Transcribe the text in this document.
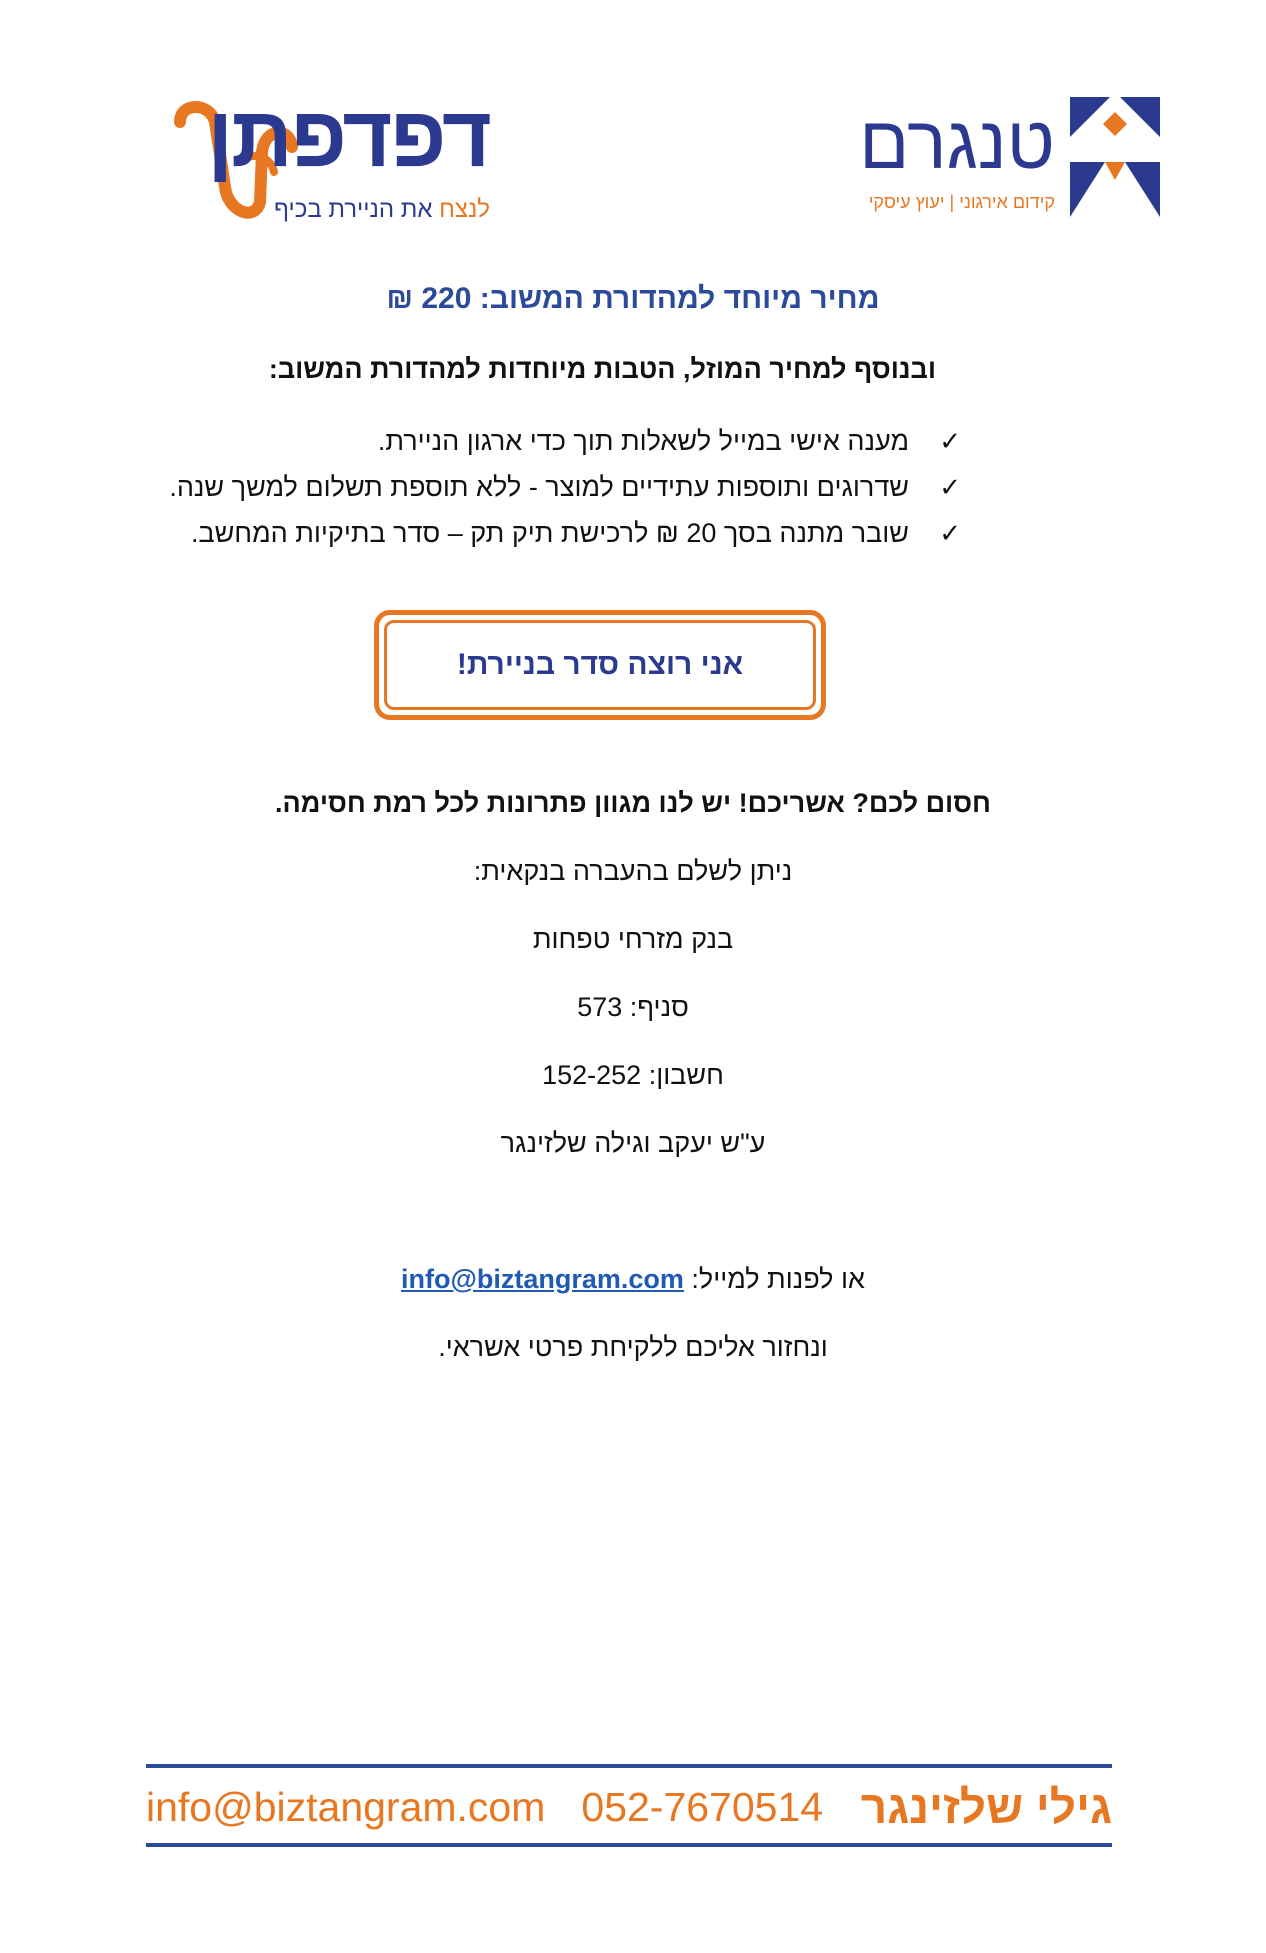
דפדפתן
לנצח את הניירת בכיף
טנגרם
קידום אירגוני | יעוץ עיסקי
מחיר מיוחד למהדורת המשוב: 220 ₪
ובנוסף למחיר המוזל, הטבות מיוחדות למהדורת המשוב:
✓
מענה אישי במייל לשאלות תוך כדי ארגון הניירת.
✓
שדרוגים ותוספות עתידיים למוצר - ללא תוספת תשלום למשך שנה.
✓
שובר מתנה בסך 20 ₪ לרכישת תיק תק – סדר בתיקיות המחשב.
אני רוצה סדר בניירת!
חסום לכם? אשריכם! יש לנו מגוון פתרונות לכל רמת חסימה.
ניתן לשלם בהעברה בנקאית:
בנק מזרחי טפחות
סניף: 573
חשבון: 152-252
ע"ש יעקב וגילה שלזינגר
או לפנות למייל: info@biztangram.com
ונחזור אליכם ללקיחת פרטי אשראי.
info@biztangram.com 052-7670514 גילי שלזינגר
